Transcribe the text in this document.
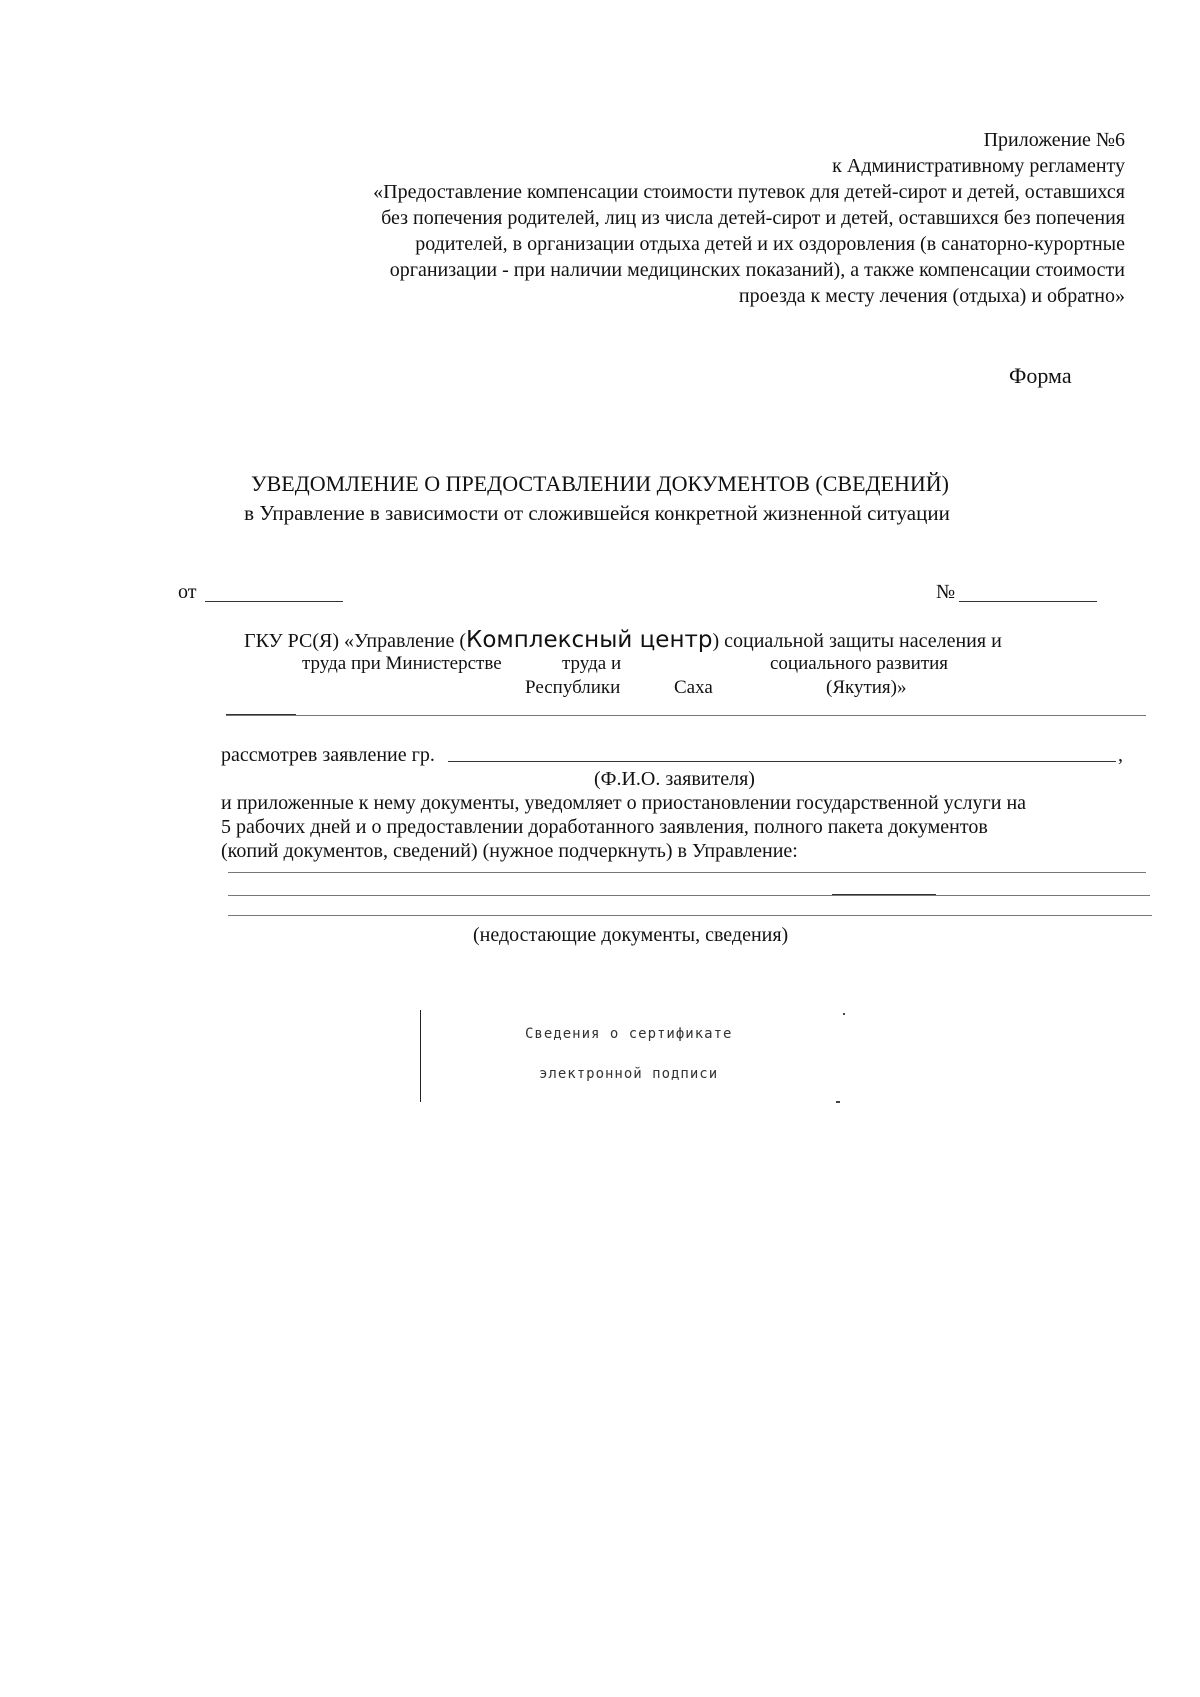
Приложение №6
к Административному регламенту
«Предоставление компенсации стоимости путевок для детей-сирот и детей, оставшихся
без попечения родителей, лиц из числа детей-сирот и детей, оставшихся без попечения
родителей, в организации отдыха детей и их оздоровления (в санаторно-курортные
организации - при наличии медицинских показаний), а также компенсации стоимости
проезда к месту лечения (отдыха) и обратно»
Форма
УВЕДОМЛЕНИЕ О ПРЕДОСТАВЛЕНИИ ДОКУМЕНТОВ (СВЕДЕНИЙ)
в Управление в зависимости от сложившейся конкретной жизненной ситуации
от	№
ГКУ РС(Я) «Управление (Комплексный центр) социальной защиты населения и
труда при Министерстве	труда и	социального развития
Республики	Саха	(Якутия)»
рассмотрев заявление гр.	,
(Ф.И.О. заявителя)
и приложенные к нему документы, уведомляет о приостановлении государственной услуги на
5 рабочих дней и о предоставлении доработанного заявления, полного пакета документов
(копий документов, сведений) (нужное подчеркнуть) в Управление:
(недостающие документы, сведения)
Сведения о сертификате
электронной подписи
